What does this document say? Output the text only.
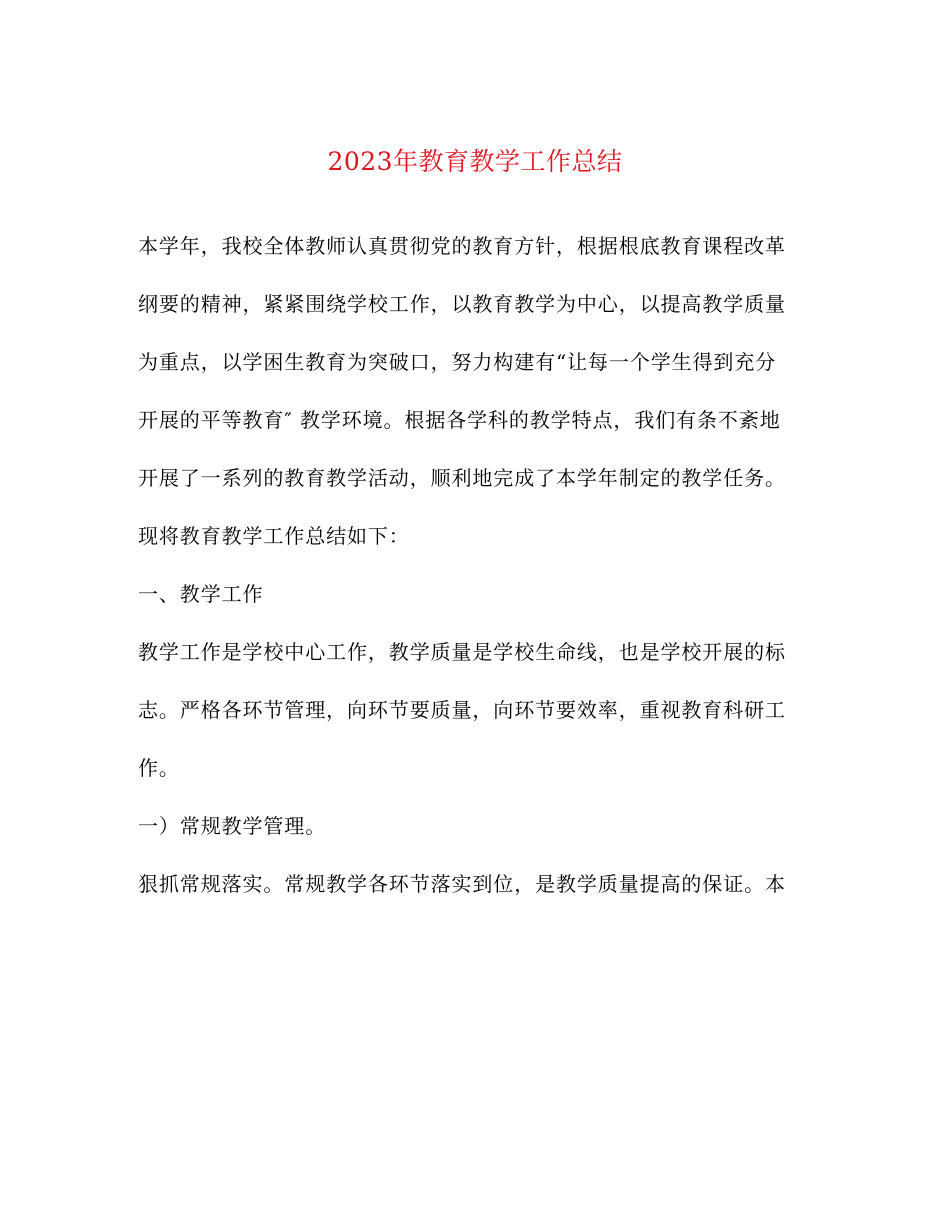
2023年教育教学工作总结
本学年，我校全体教师认真贯彻党的教育方针，根据根底教育课程改革
纲要的精神，紧紧围绕学校工作，以教育教学为中心，以提高教学质量
为重点，以学困生教育为突破口，努力构建有“让每一个学生得到充分
开展的平等教育″ 教学环境。根据各学科的教学特点，我们有条不紊地
开展了一系列的教育教学活动，顺利地完成了本学年制定的教学任务。
现将教育教学工作总结如下：
一、教学工作
教学工作是学校中心工作，教学质量是学校生命线，也是学校开展的标
志。严格各环节管理，向环节要质量，向环节要效率，重视教育科研工
作。
一）常规教学管理。
狠抓常规落实。常规教学各环节落实到位，是教学质量提高的保证。本
